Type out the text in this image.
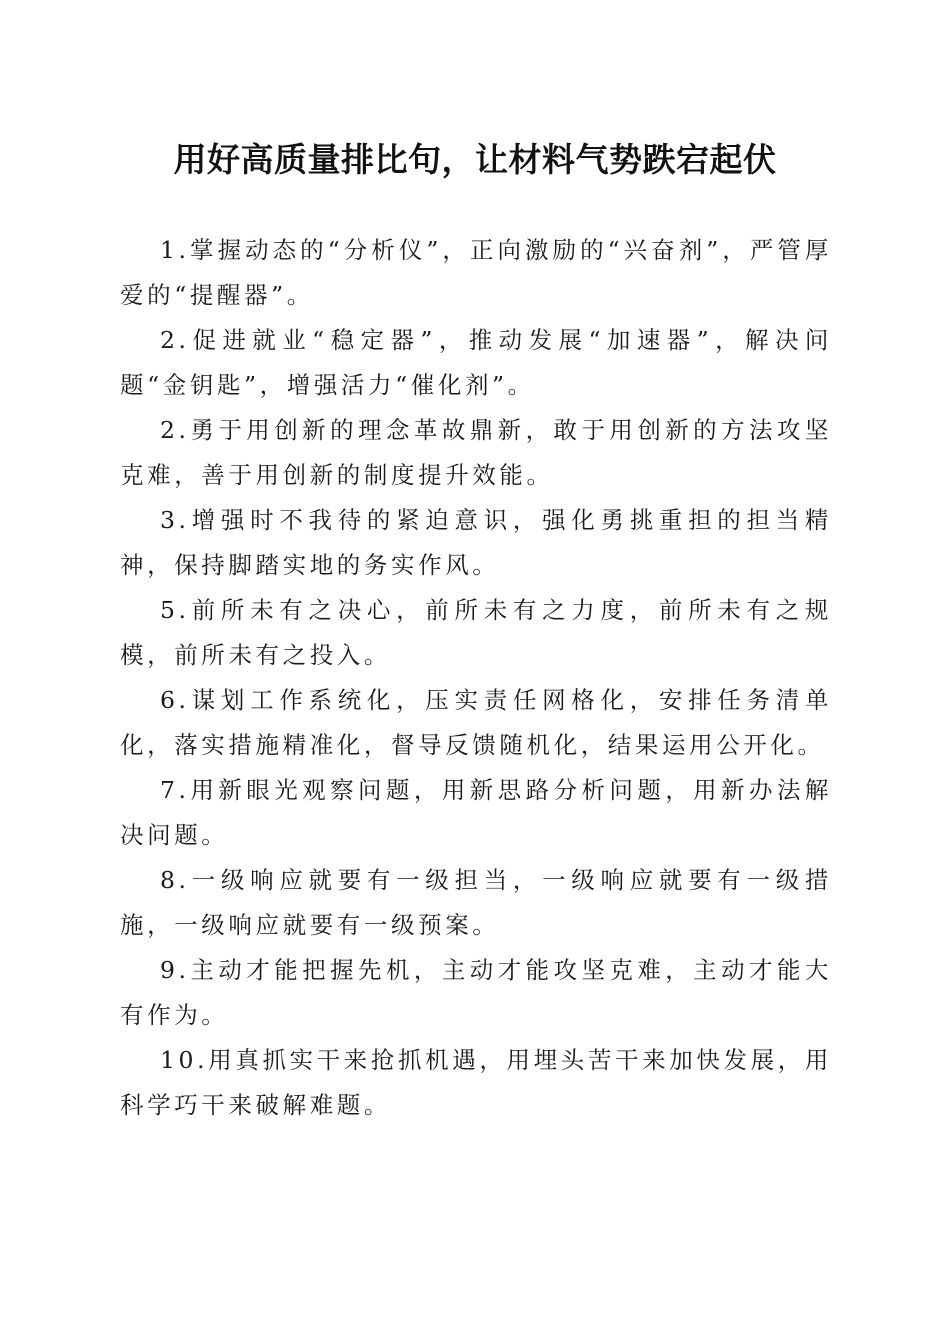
用好高质量排比句，让材料气势跌宕起伏

1.掌握动态的“分析仪”，正向激励的“兴奋剂”，严管厚爱的“提醒器”。

2.促进就业“稳定器”，推动发展“加速器”，解决问题“金钥匙”，增强活力“催化剂”。

2.勇于用创新的理念革故鼎新，敢于用创新的方法攻坚克难，善于用创新的制度提升效能。

3.增强时不我待的紧迫意识，强化勇挑重担的担当精神，保持脚踏实地的务实作风。

5.前所未有之决心，前所未有之力度，前所未有之规模，前所未有之投入。

6.谋划工作系统化，压实责任网格化，安排任务清单化，落实措施精准化，督导反馈随机化，结果运用公开化。

7.用新眼光观察问题，用新思路分析问题，用新办法解决问题。

8.一级响应就要有一级担当，一级响应就要有一级措施，一级响应就要有一级预案。

9.主动才能把握先机，主动才能攻坚克难，主动才能大有作为。

10.用真抓实干来抢抓机遇，用埋头苦干来加快发展，用科学巧干来破解难题。
